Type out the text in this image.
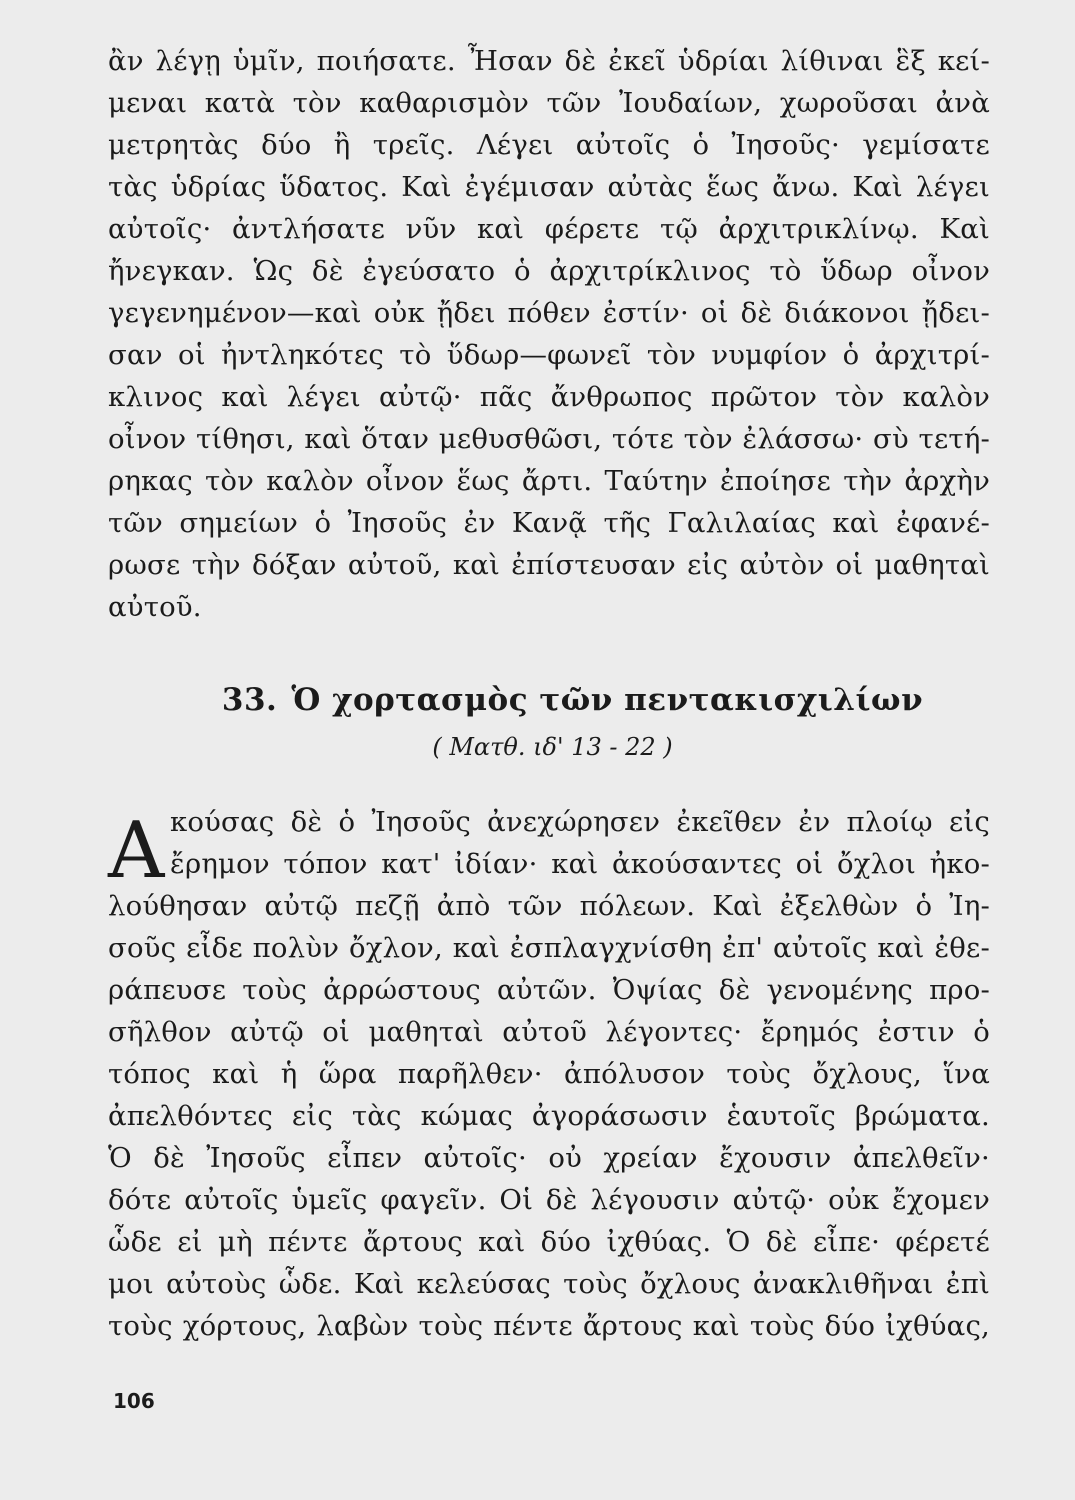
ἂν λέγῃ ὑμῖν, ποιήσατε. Ἦσαν δὲ ἐκεῖ ὑδρίαι λίθιναι ἓξ κεί-
μεναι κατὰ τὸν καθαρισμὸν τῶν Ἰουδαίων, χωροῦσαι ἀνὰ
μετρητὰς δύο ἢ τρεῖς. Λέγει αὐτοῖς ὁ Ἰησοῦς· γεμίσατε
τὰς ὑδρίας ὕδατος. Καὶ ἐγέμισαν αὐτὰς ἕως ἄνω. Καὶ λέγει
αὐτοῖς· ἀντλήσατε νῦν καὶ φέρετε τῷ ἀρχιτρικλίνῳ. Καὶ
ἤνεγκαν. Ὡς δὲ ἐγεύσατο ὁ ἀρχιτρίκλινος τὸ ὕδωρ οἶνον
γεγενημένον—καὶ οὐκ ᾔδει πόθεν ἐστίν· οἱ δὲ διάκονοι ᾔδει-
σαν οἱ ἠντληκότες τὸ ὕδωρ—φωνεῖ τὸν νυμφίον ὁ ἀρχιτρί-
κλινος καὶ λέγει αὐτῷ· πᾶς ἄνθρωπος πρῶτον τὸν καλὸν
οἶνον τίθησι, καὶ ὅταν μεθυσθῶσι, τότε τὸν ἐλάσσω· σὺ τετή-
ρηκας τὸν καλὸν οἶνον ἕως ἄρτι. Ταύτην ἐποίησε τὴν ἀρχὴν
τῶν σημείων ὁ Ἰησοῦς ἐν Κανᾷ τῆς Γαλιλαίας καὶ ἐφανέ-
ρωσε τὴν δόξαν αὐτοῦ, καὶ ἐπίστευσαν εἰς αὐτὸν οἱ μαθηταὶ
αὐτοῦ.
33. Ὁ χορτασμὸς τῶν πεντακισχιλίων
( Ματθ. ιδ' 13 - 22 )
Α κούσας δὲ ὁ Ἰησοῦς ἀνεχώρησεν ἐκεῖθεν ἐν πλοίῳ εἰς
ἔρημον τόπον κατ' ἰδίαν· καὶ ἀκούσαντες οἱ ὄχλοι ἠκο-
λούθησαν αὐτῷ πεζῇ ἀπὸ τῶν πόλεων. Καὶ ἐξελθὼν ὁ Ἰη-
σοῦς εἶδε πολὺν ὄχλον, καὶ ἐσπλαγχνίσθη ἐπ' αὐτοῖς καὶ ἐθε-
ράπευσε τοὺς ἀρρώστους αὐτῶν. Ὀψίας δὲ γενομένης προ-
σῆλθον αὐτῷ οἱ μαθηταὶ αὐτοῦ λέγοντες· ἔρημός ἐστιν ὁ
τόπος καὶ ἡ ὥρα παρῆλθεν· ἀπόλυσον τοὺς ὄχλους, ἵνα
ἀπελθόντες εἰς τὰς κώμας ἀγοράσωσιν ἑαυτοῖς βρώματα.
Ὁ δὲ Ἰησοῦς εἶπεν αὐτοῖς· οὐ χρείαν ἔχουσιν ἀπελθεῖν·
δότε αὐτοῖς ὑμεῖς φαγεῖν. Οἱ δὲ λέγουσιν αὐτῷ· οὐκ ἔχομεν
ὧδε εἰ μὴ πέντε ἄρτους καὶ δύο ἰχθύας. Ὁ δὲ εἶπε· φέρετέ
μοι αὐτοὺς ὧδε. Καὶ κελεύσας τοὺς ὄχλους ἀνακλιθῆναι ἐπὶ
τοὺς χόρτους, λαβὼν τοὺς πέντε ἄρτους καὶ τοὺς δύο ἰχθύας,
106
